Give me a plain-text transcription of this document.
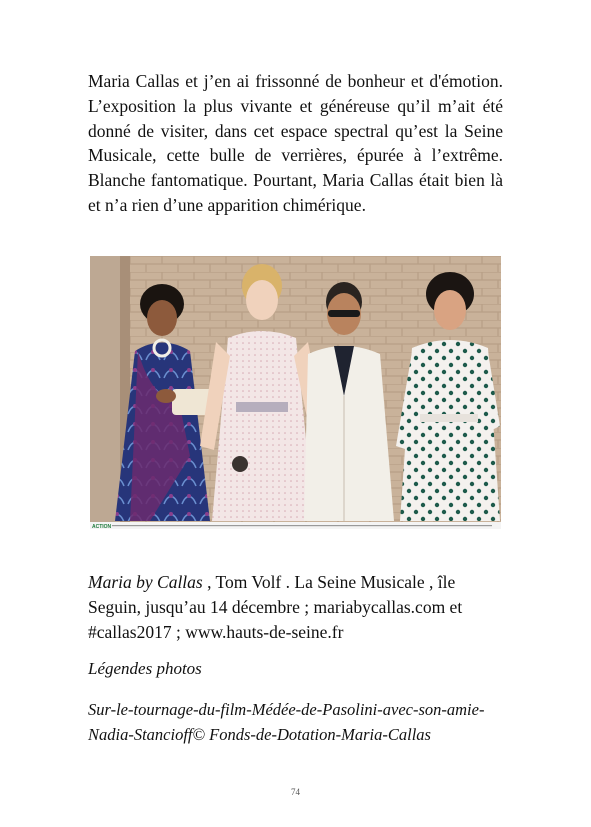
Maria Callas et j’en ai frissonné de bonheur et d'émotion. L’exposition la plus vivante et généreuse qu’il m’ait été donné de visiter, dans cet espace spectral qu’est la Seine Musicale, cette bulle de verrières, épurée à l’extrême. Blanche fantomatique. Pourtant, Maria Callas était bien là et n’a rien d’une apparition chimérique.
ACTION
Maria by Callas , Tom Volf . La Seine Musicale , île Seguin, jusqu’au 14 décembre ; mariabycallas.com et #callas2017 ; www.hauts-de-seine.fr
Légendes photos
Sur-le-tournage-du-film-Médée-de-Pasolini-avec-son-amie-Nadia-Stancioff© Fonds-de-Dotation-Maria-Callas
74
